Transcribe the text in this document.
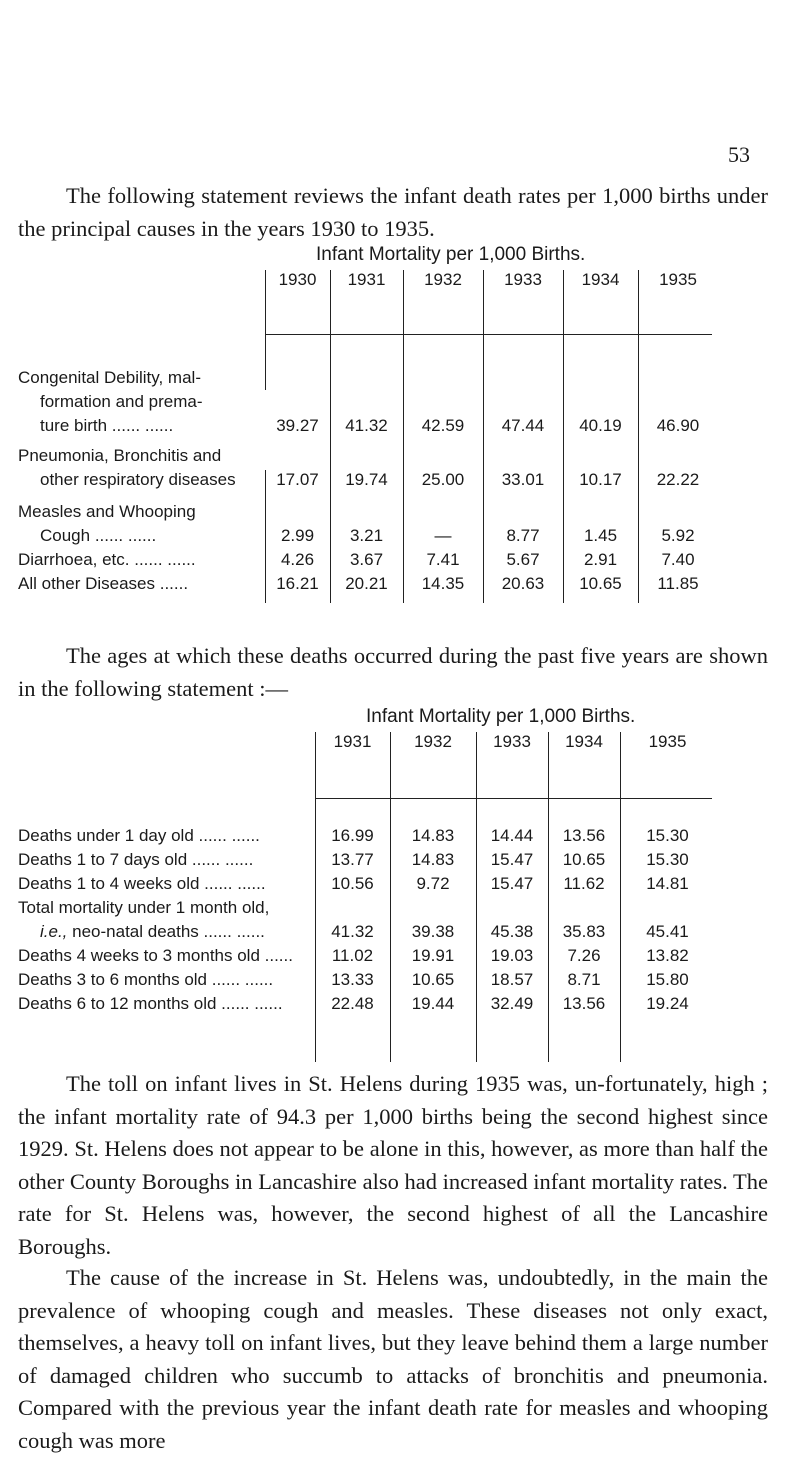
53

The following statement reviews the infant death rates per 1,000 births under the principal causes in the years 1930 to 1935.

Infant Mortality per 1,000 Births.
1930	1931	1932	1933	1934	1935
Congenital Debility, mal-
formation and prema-
ture birth ...... ......	39.27	41.32	42.59	47.44	40.19	46.90
Pneumonia, Bronchitis and
other respiratory diseases	17.07	19.74	25.00	33.01	10.17	22.22
Measles and Whooping
Cough ...... ......	2.99	3.21	—	8.77	1.45	5.92
Diarrhoea, etc. ...... ......	4.26	3.67	7.41	5.67	2.91	7.40
All other Diseases ......	16.21	20.21	14.35	20.63	10.65	11.85

The ages at which these deaths occurred during the past five years are shown in the following statement :—

Infant Mortality per 1,000 Births.
1931	1932	1933	1934	1935
Deaths under 1 day old ...... ......	16.99	14.83	14.44	13.56	15.30
Deaths 1 to 7 days old ...... ......	13.77	14.83	15.47	10.65	15.30
Deaths 1 to 4 weeks old ...... ......	10.56	9.72	15.47	11.62	14.81
Total mortality under 1 month old,
i.e., neo-natal deaths ...... ......	41.32	39.38	45.38	35.83	45.41
Deaths 4 weeks to 3 months old ......	11.02	19.91	19.03	7.26	13.82
Deaths 3 to 6 months old ...... ......	13.33	10.65	18.57	8.71	15.80
Deaths 6 to 12 months old ...... ......	22.48	19.44	32.49	13.56	19.24

The toll on infant lives in St. Helens during 1935 was, un-fortunately, high ; the infant mortality rate of 94.3 per 1,000 births being the second highest since 1929. St. Helens does not appear to be alone in this, however, as more than half the other County Boroughs in Lancashire also had increased infant mortality rates. The rate for St. Helens was, however, the second highest of all the Lancashire Boroughs.

The cause of the increase in St. Helens was, undoubtedly, in the main the prevalence of whooping cough and measles. These diseases not only exact, themselves, a heavy toll on infant lives, but they leave behind them a large number of damaged children who succumb to attacks of bronchitis and pneumonia. Compared with the previous year the infant death rate for measles and whooping cough was more
